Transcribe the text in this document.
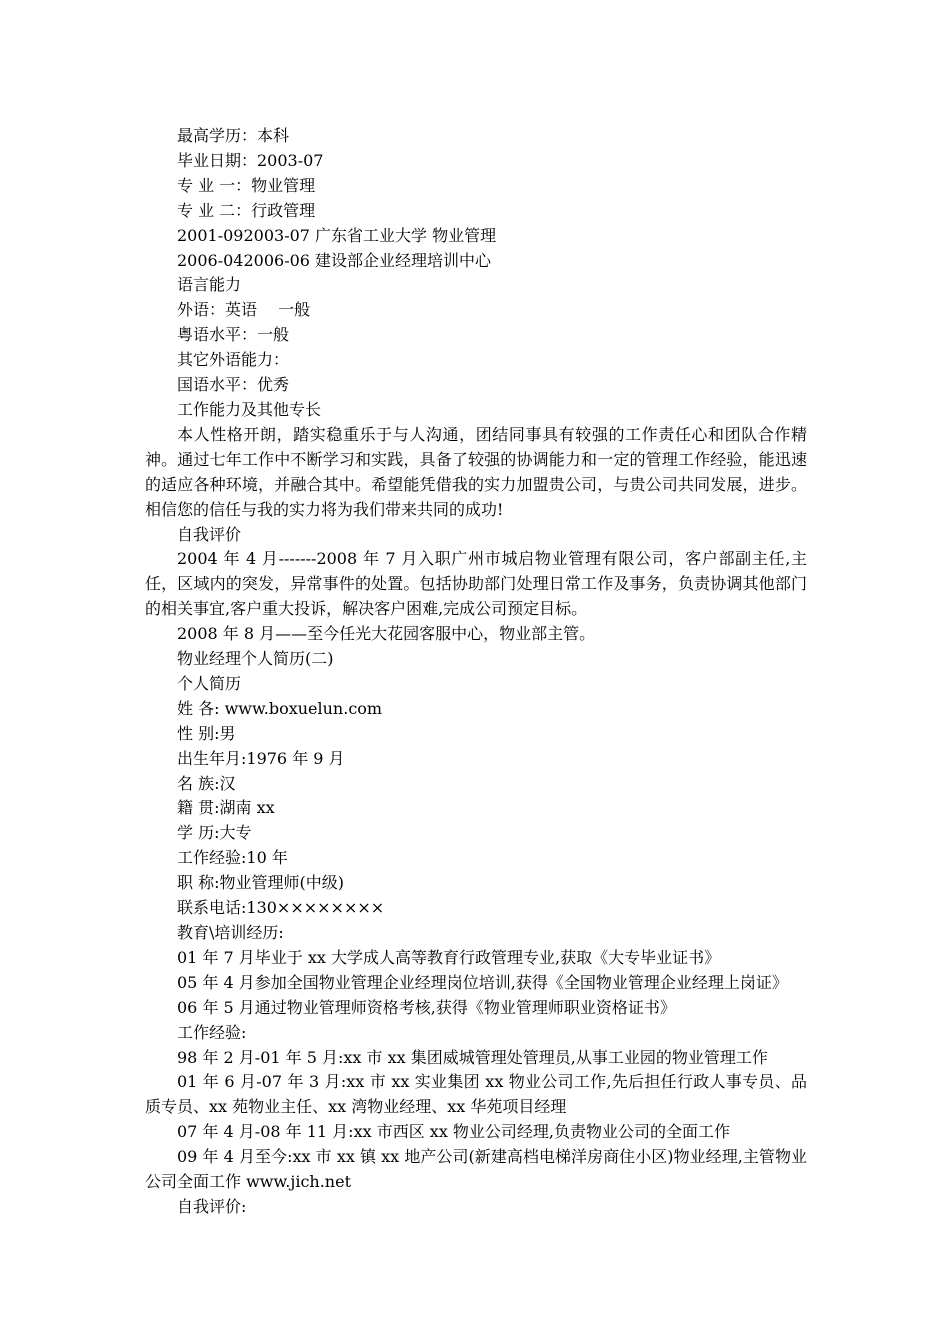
最高学历：本科

毕业日期：2003-07

专 业 一：物业管理

专 业 二：行政管理

2001-092003-07 广东省工业大学 物业管理

2006-042006-06 建设部企业经理培训中心

语言能力

外语：英语　 一般

粤语水平：一般

其它外语能力：

国语水平：优秀

工作能力及其他专长

本人性格开朗，踏实稳重乐于与人沟通，团结同事具有较强的工作责任心和团队合作精神。通过七年工作中不断学习和实践，具备了较强的协调能力和一定的管理工作经验，能迅速的适应各种环境，并融合其中。希望能凭借我的实力加盟贵公司，与贵公司共同发展，进步。相信您的信任与我的实力将为我们带来共同的成功!

自我评价

2004 年 4 月-------2008 年 7 月入职广州市城启物业管理有限公司，客户部副主任,主任，区域内的突发，异常事件的处置。包括协助部门处理日常工作及事务，负责协调其他部门的相关事宜,客户重大投诉，解决客户困难,完成公司预定目标。

2008 年 8 月——至今任光大花园客服中心，物业部主管。

物业经理个人简历(二)

个人简历

姓 各: www.boxuelun.com

性 别:男

出生年月:1976 年 9 月

名 族:汉

籍 贯:湖南 xx

学 历:大专

工作经验:10 年

职 称:物业管理师(中级)

联系电话:130××××××××

教育\培训经历:

01 年 7 月毕业于 xx 大学成人高等教育行政管理专业,获取《大专毕业证书》

05 年 4 月参加全国物业管理企业经理岗位培训,获得《全国物业管理企业经理上岗证》

06 年 5 月通过物业管理师资格考核,获得《物业管理师职业资格证书》

工作经验:

98 年 2 月-01 年 5 月:xx 市 xx 集团威城管理处管理员,从事工业园的物业管理工作

01 年 6 月-07 年 3 月:xx 市 xx 实业集团 xx 物业公司工作,先后担任行政人事专员、品质专员、xx 苑物业主任、xx 湾物业经理、xx 华苑项目经理

07 年 4 月-08 年 11 月:xx 市西区 xx 物业公司经理,负责物业公司的全面工作

09 年 4 月至今:xx 市 xx 镇 xx 地产公司(新建高档电梯洋房商住小区)物业经理,主管物业公司全面工作 www.jich.net

自我评价:
